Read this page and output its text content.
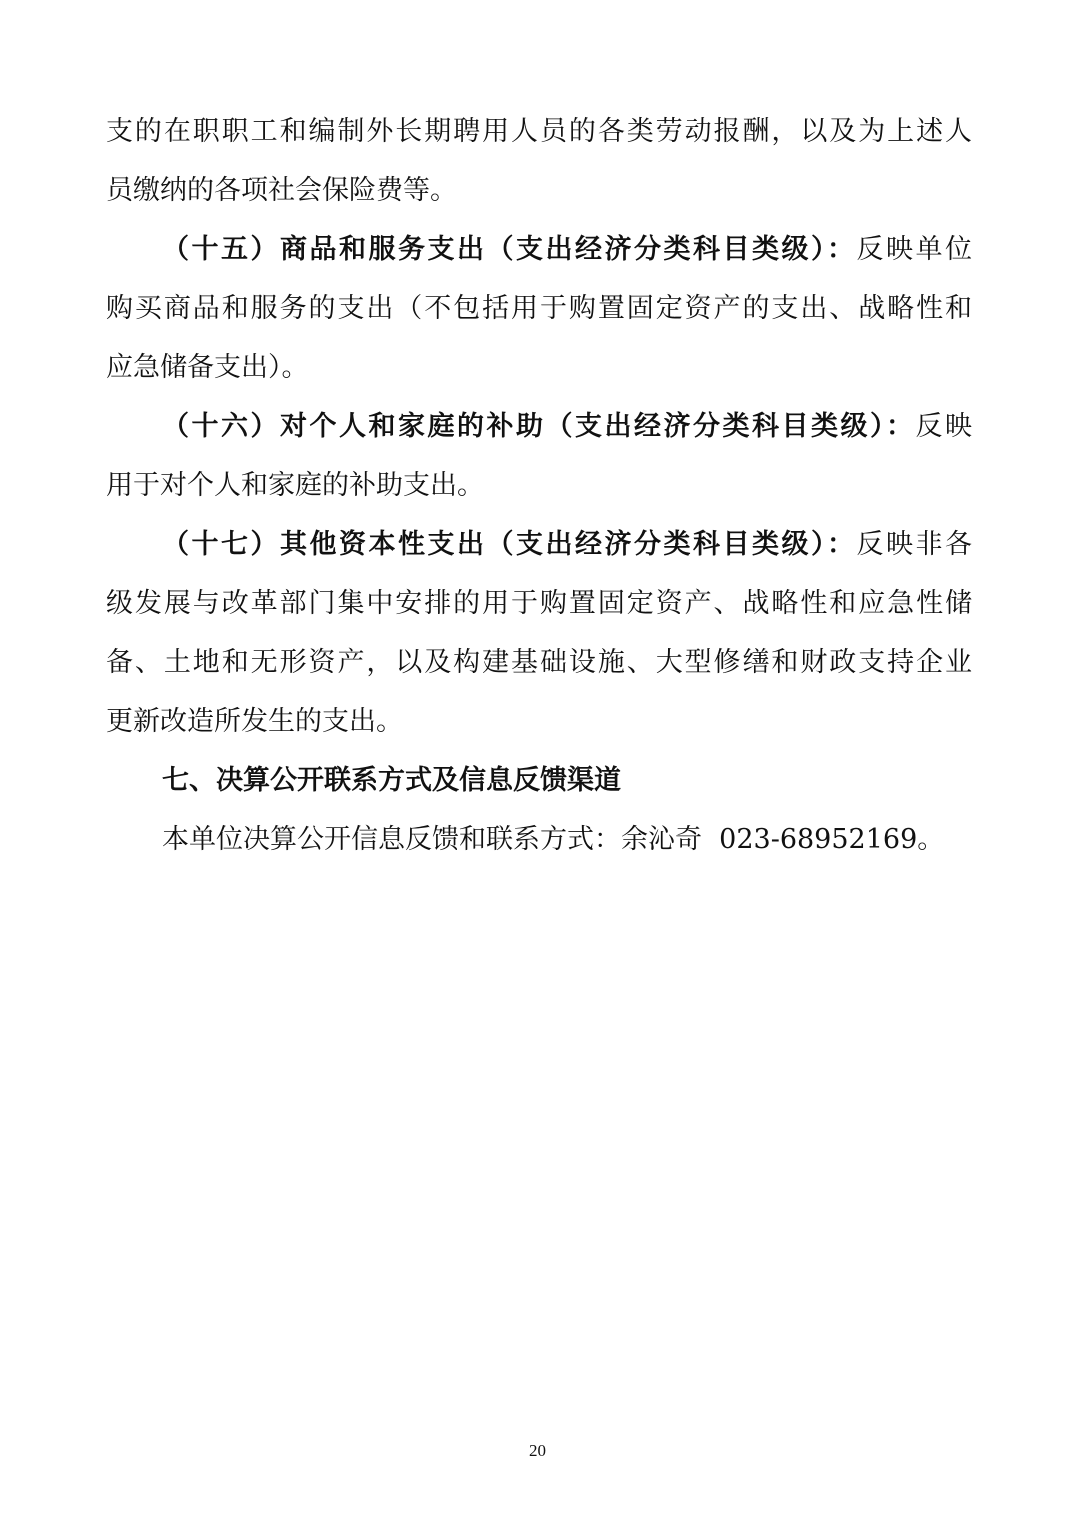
支的在职职工和编制外长期聘用人员的各类劳动报酬，以及为上述人
员缴纳的各项社会保险费等。
（十五）商品和服务支出（支出经济分类科目类级）：反映单位
购买商品和服务的支出（不包括用于购置固定资产的支出、战略性和
应急储备支出）。
（十六）对个人和家庭的补助（支出经济分类科目类级）：反映
用于对个人和家庭的补助支出。
（十七）其他资本性支出（支出经济分类科目类级）：反映非各
级发展与改革部门集中安排的用于购置固定资产、战略性和应急性储
备、土地和无形资产，以及构建基础设施、大型修缮和财政支持企业
更新改造所发生的支出。
七、决算公开联系方式及信息反馈渠道
本单位决算公开信息反馈和联系方式：余沁奇  023-68952169。
20
